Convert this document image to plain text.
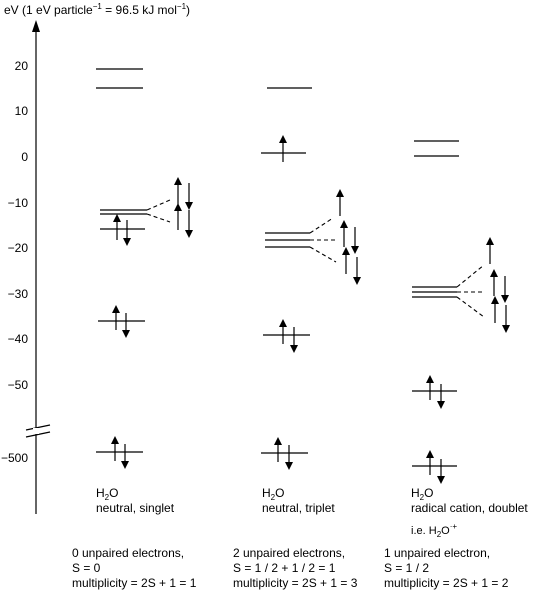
eV (1 eV particle$^{-1}$ = 96.5 kJ mol$^{-1}$)
20
10
0
−10
−20
−30
−40
−50
−500
$H_2O$
neutral, singlet
0 unpaired electrons,
S = 0
multiplicity = 2S + 1 = 1
$H_2O$
neutral, triplet
2 unpaired electrons,
S = 1 / 2 + 1 / 2 = 1
multiplicity = 2S + 1 = 3
$H_2O$
radical cation, doublet
i.e. $H_2O^{\cdot+}$
1 unpaired electron,
S = 1 / 2
multiplicity = 2S + 1 = 2
